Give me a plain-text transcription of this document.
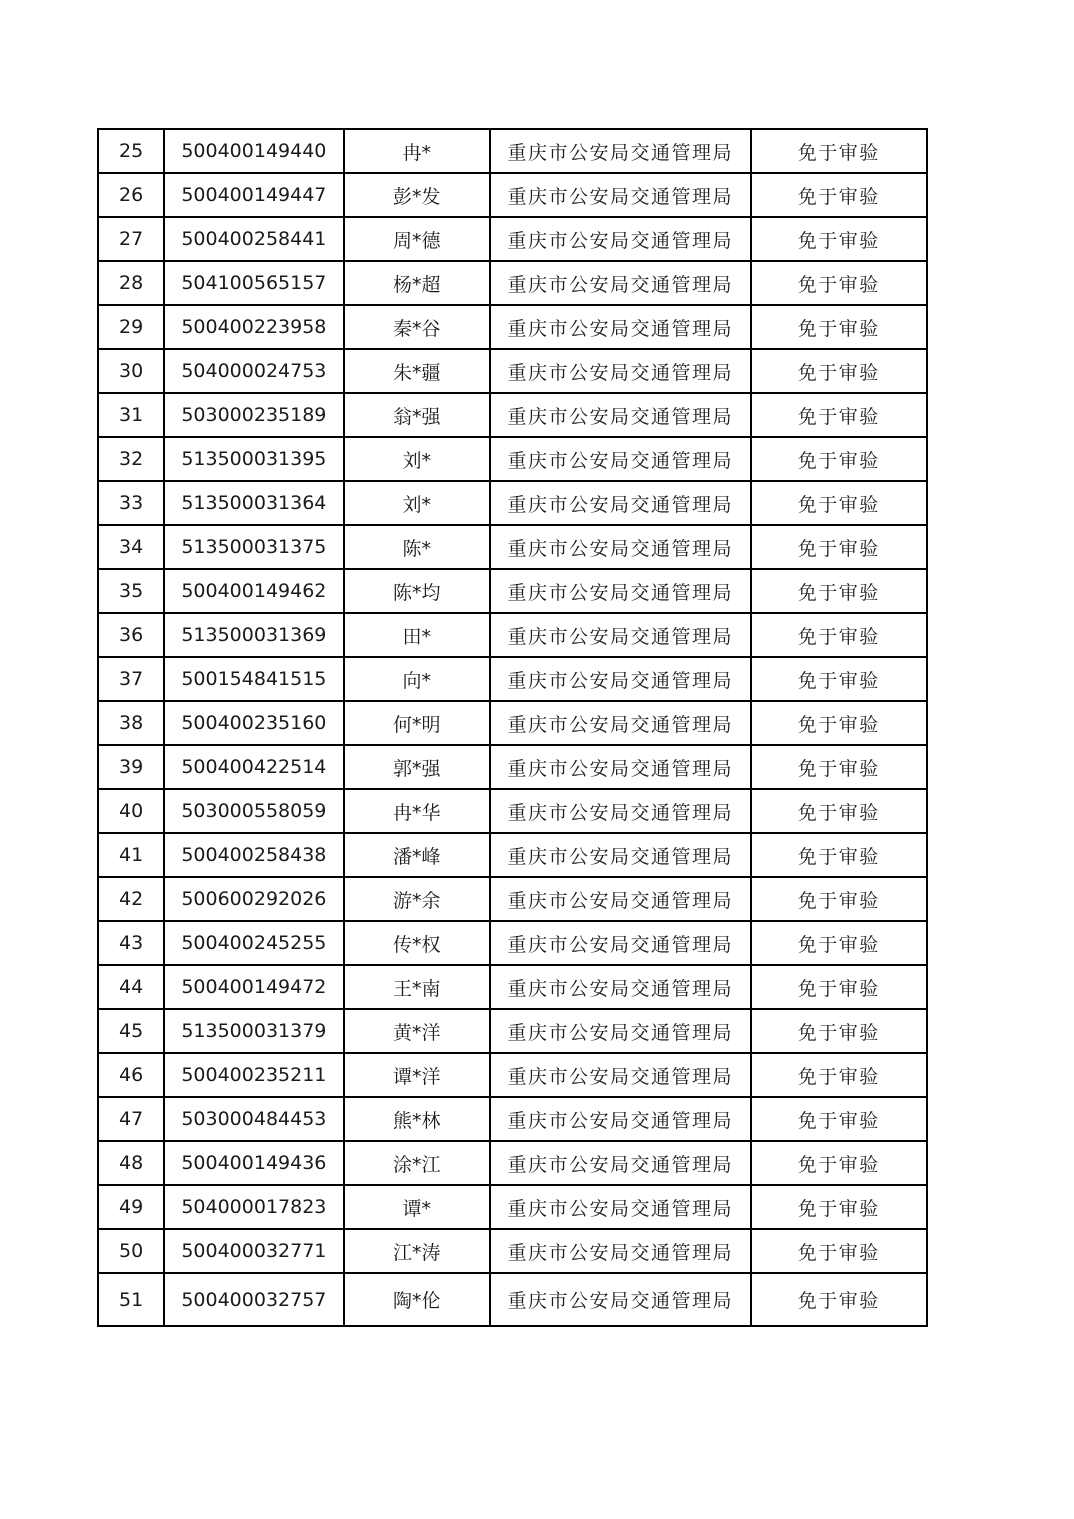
25	500400149440	冉*	重庆市公安局交通管理局	免于审验
26	500400149447	彭*发	重庆市公安局交通管理局	免于审验
27	500400258441	周*德	重庆市公安局交通管理局	免于审验
28	504100565157	杨*超	重庆市公安局交通管理局	免于审验
29	500400223958	秦*谷	重庆市公安局交通管理局	免于审验
30	504000024753	朱*疆	重庆市公安局交通管理局	免于审验
31	503000235189	翁*强	重庆市公安局交通管理局	免于审验
32	513500031395	刘*	重庆市公安局交通管理局	免于审验
33	513500031364	刘*	重庆市公安局交通管理局	免于审验
34	513500031375	陈*	重庆市公安局交通管理局	免于审验
35	500400149462	陈*均	重庆市公安局交通管理局	免于审验
36	513500031369	田*	重庆市公安局交通管理局	免于审验
37	500154841515	向*	重庆市公安局交通管理局	免于审验
38	500400235160	何*明	重庆市公安局交通管理局	免于审验
39	500400422514	郭*强	重庆市公安局交通管理局	免于审验
40	503000558059	冉*华	重庆市公安局交通管理局	免于审验
41	500400258438	潘*峰	重庆市公安局交通管理局	免于审验
42	500600292026	游*余	重庆市公安局交通管理局	免于审验
43	500400245255	传*权	重庆市公安局交通管理局	免于审验
44	500400149472	王*南	重庆市公安局交通管理局	免于审验
45	513500031379	黄*洋	重庆市公安局交通管理局	免于审验
46	500400235211	谭*洋	重庆市公安局交通管理局	免于审验
47	503000484453	熊*林	重庆市公安局交通管理局	免于审验
48	500400149436	涂*江	重庆市公安局交通管理局	免于审验
49	504000017823	谭*	重庆市公安局交通管理局	免于审验
50	500400032771	江*涛	重庆市公安局交通管理局	免于审验
51	500400032757	陶*伦	重庆市公安局交通管理局	免于审验
